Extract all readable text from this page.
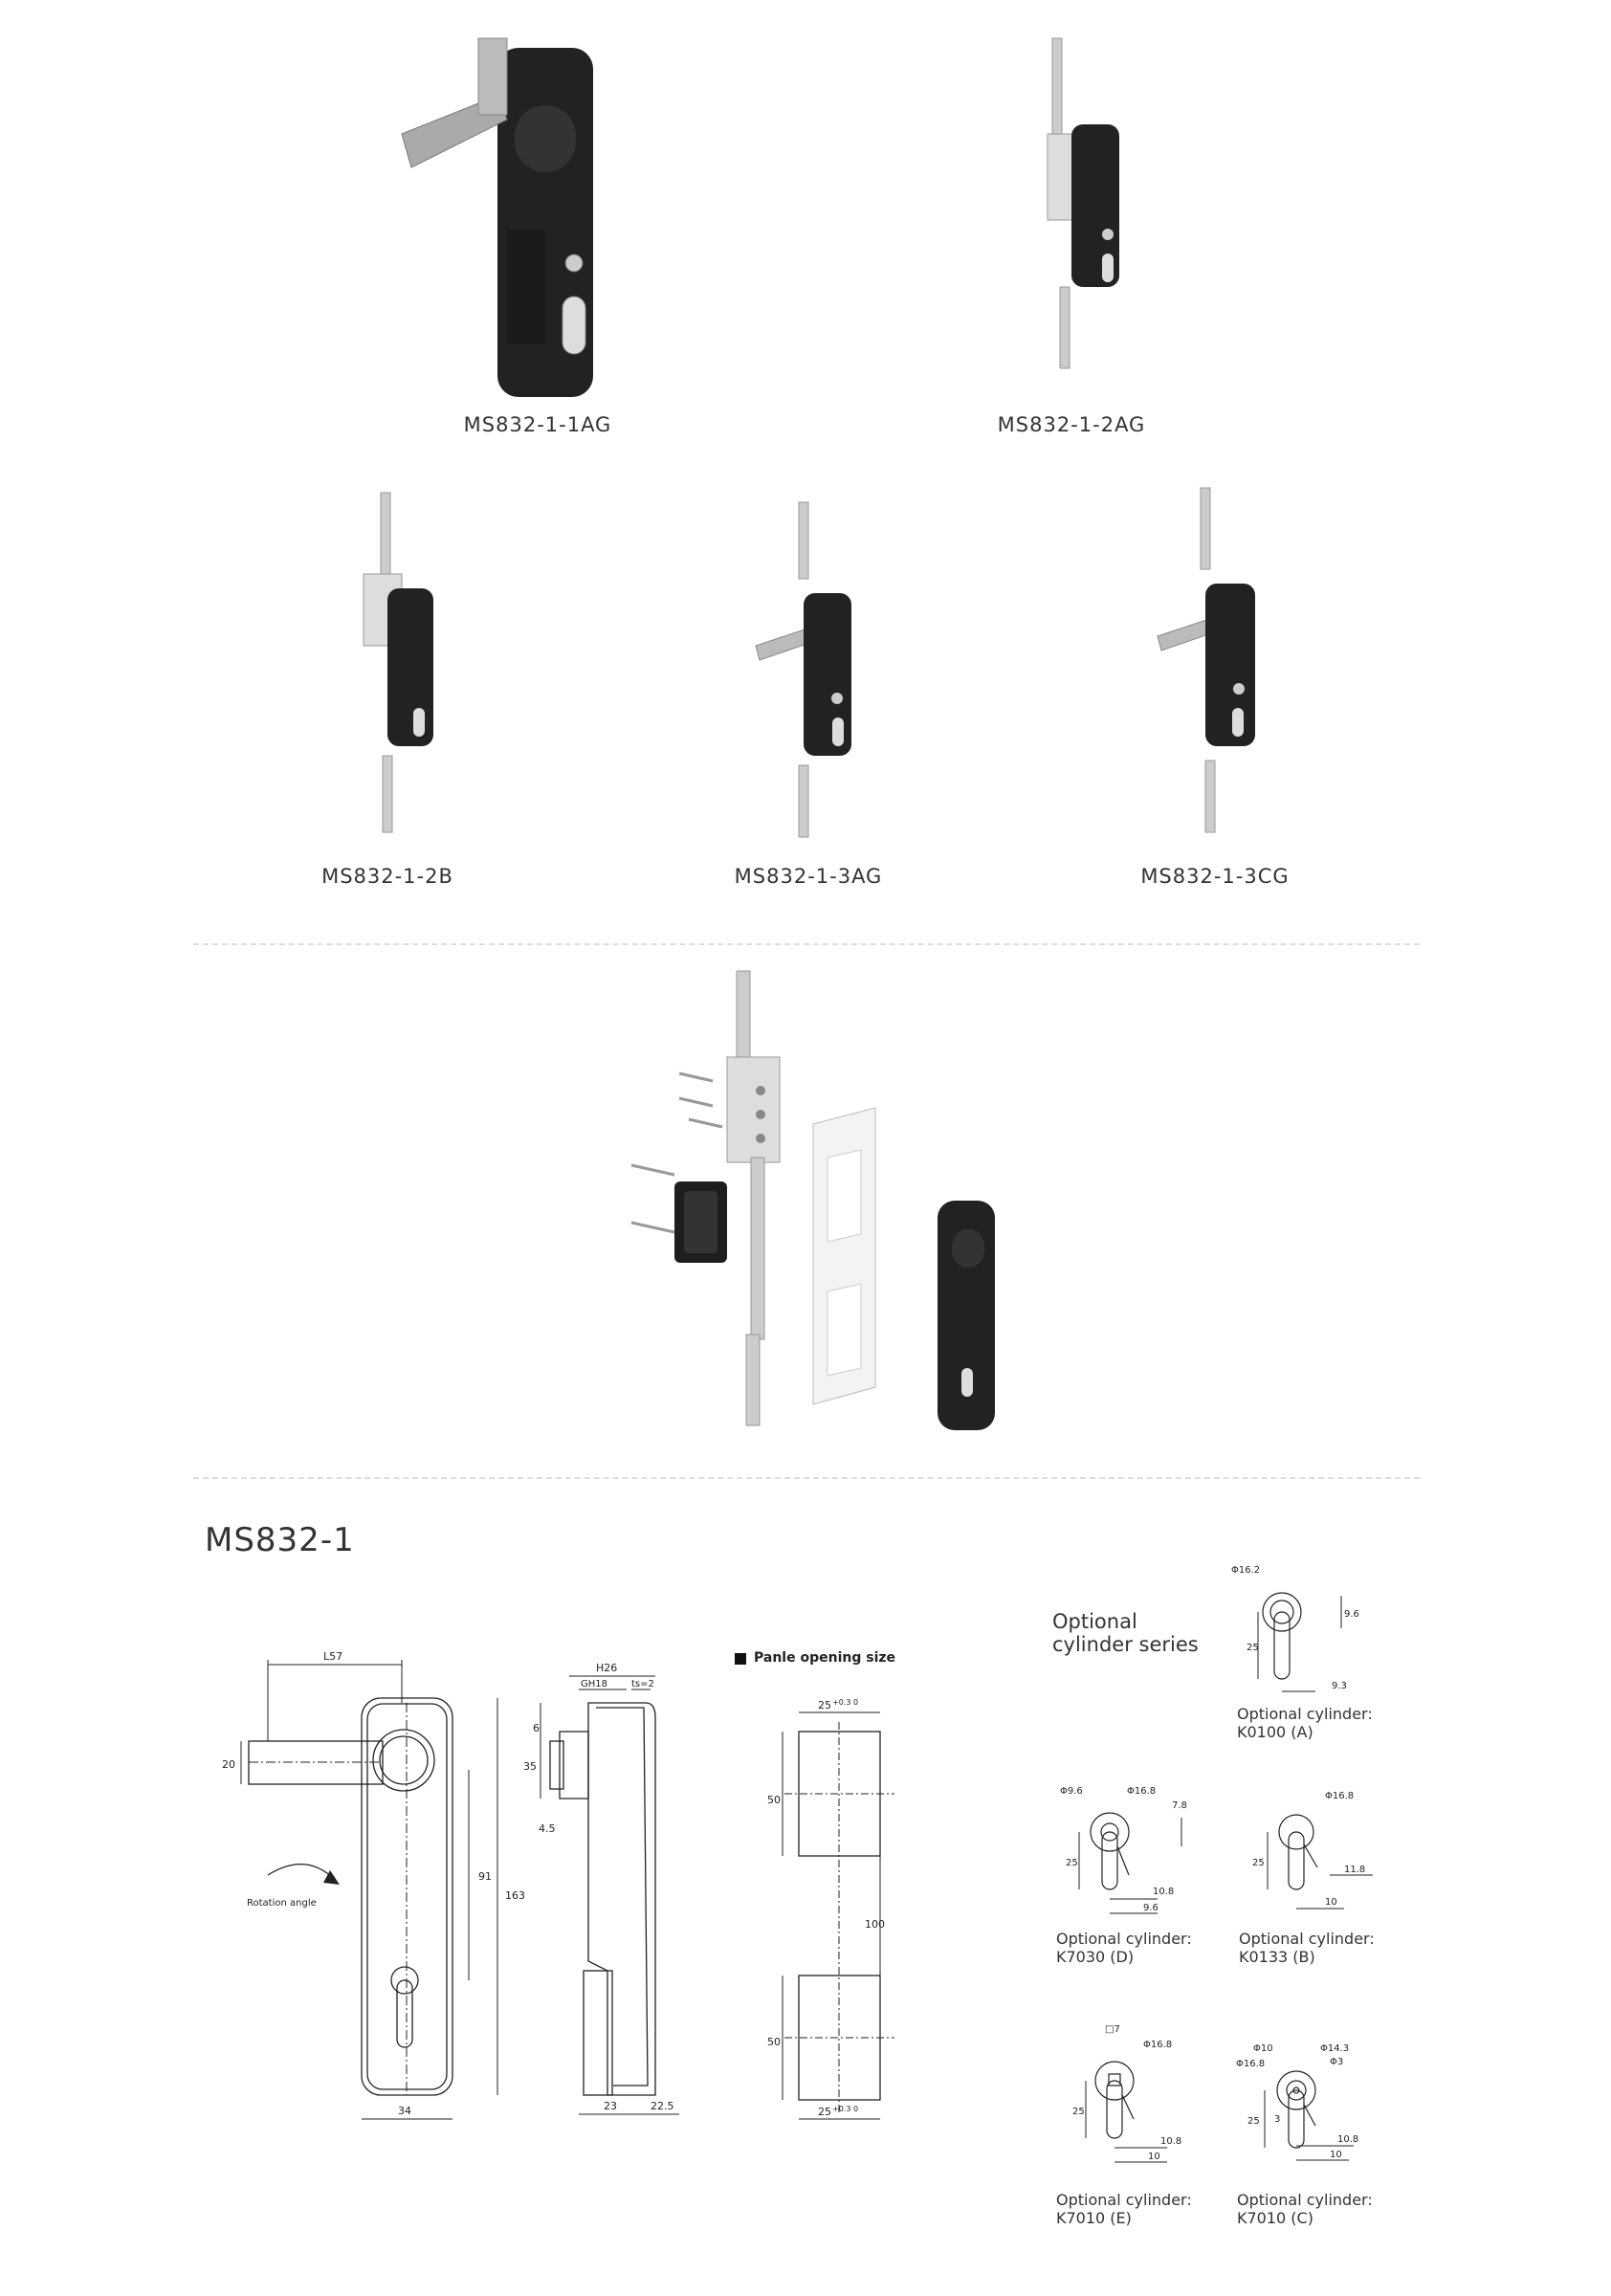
MS832-1-1AG	MS832-1-2AG
MS832-1-2B	MS832-1-3AG	MS832-1-3CG
MS832-1
L57
20
91
163
34
Rotation angle
H26
GH18	ts=2
6
35
4.5
23	22.5
Panle opening size
25 +0.3 0
50
100
50
25 +0.3 0
Optional
cylinder series
Φ16.2
9.6
25
9.3
Optional cylinder:
K0100 (A)
Φ9.6	Φ16.8
7.8
25
10.8
9.6
Optional cylinder:
K7030 (D)
Φ16.8
25
11.8
10
Optional cylinder:
K0133 (B)
□7
Φ16.8
25
10.8
10
Optional cylinder:
K7010 (E)
Φ10	Φ14.3
Φ16.8	Φ3
25 3
10.8
10
Optional cylinder:
K7010 (C)
